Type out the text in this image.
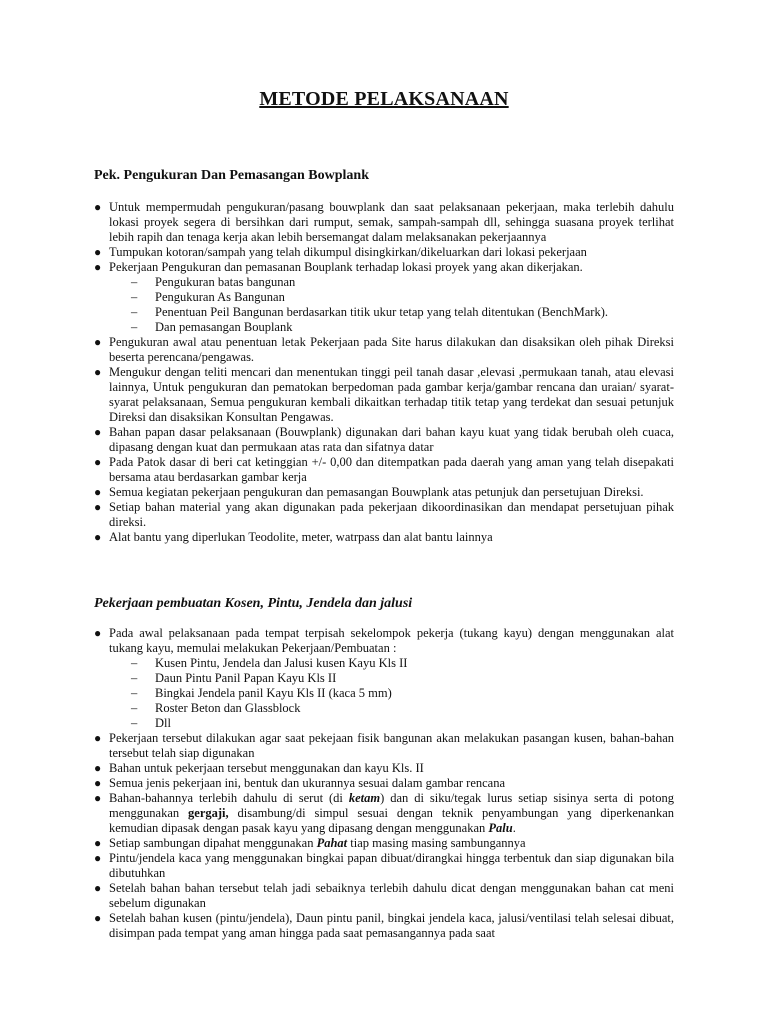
METODE PELAKSANAAN
Pek. Pengukuran Dan Pemasangan Bowplank
● Untuk mempermudah pengukuran/pasang bouwplank dan saat pelaksanaan pekerjaan, maka terlebih dahulu lokasi proyek segera di bersihkan dari rumput, semak, sampah-sampah dll, sehingga suasana proyek terlihat lebih rapih dan tenaga kerja akan lebih bersemangat dalam melaksanakan pekerjaannya
● Tumpukan kotoran/sampah yang telah dikumpul disingkirkan/dikeluarkan dari lokasi pekerjaan
● Pekerjaan Pengukuran dan pemasanan Bouplank terhadap lokasi proyek yang akan dikerjakan.
– Pengukuran batas bangunan
– Pengukuran As Bangunan
– Penentuan Peil Bangunan berdasarkan titik ukur tetap yang telah ditentukan (BenchMark).
– Dan pemasangan Bouplank
● Pengukuran awal atau penentuan letak Pekerjaan pada Site harus dilakukan dan disaksikan oleh pihak Direksi beserta perencana/pengawas.
● Mengukur dengan teliti mencari dan menentukan tinggi peil tanah dasar ,elevasi ,permukaan tanah, atau elevasi lainnya, Untuk pengukuran dan pematokan berpedoman pada gambar kerja/gambar rencana dan uraian/ syarat-syarat pelaksanaan, Semua pengukuran kembali dikaitkan terhadap titik tetap yang terdekat dan sesuai petunjuk Direksi dan disaksikan Konsultan Pengawas.
● Bahan papan dasar pelaksanaan (Bouwplank) digunakan dari bahan kayu kuat yang tidak berubah oleh cuaca, dipasang dengan kuat dan permukaan atas rata dan sifatnya datar
● Pada Patok dasar di beri cat ketinggian +/- 0,00 dan ditempatkan pada daerah yang aman yang telah disepakati bersama atau berdasarkan gambar kerja
● Semua kegiatan pekerjaan pengukuran dan pemasangan Bouwplank atas petunjuk dan persetujuan Direksi.
● Setiap bahan material yang akan digunakan pada pekerjaan dikoordinasikan dan mendapat persetujuan pihak direksi.
● Alat bantu yang diperlukan Teodolite, meter, watrpass dan alat bantu lainnya
Pekerjaan pembuatan Kosen, Pintu, Jendela dan jalusi
● Pada awal pelaksanaan pada tempat terpisah sekelompok pekerja (tukang kayu) dengan menggunakan alat tukang kayu, memulai melakukan Pekerjaan/Pembuatan :
– Kusen Pintu, Jendela dan Jalusi kusen Kayu Kls II
– Daun Pintu Panil Papan Kayu Kls II
– Bingkai Jendela panil Kayu Kls II (kaca 5 mm)
– Roster Beton dan Glassblock
– Dll
● Pekerjaan tersebut dilakukan agar saat pekejaan fisik bangunan akan melakukan pasangan kusen, bahan-bahan tersebut telah siap digunakan
● Bahan untuk pekerjaan tersebut menggunakan dan kayu Kls. II
● Semua jenis pekerjaan ini, bentuk dan ukurannya sesuai dalam gambar rencana
● Bahan-bahannya terlebih dahulu di serut (di ketam) dan di siku/tegak lurus setiap sisinya serta di potong menggunakan gergaji, disambung/di simpul sesuai dengan teknik penyambungan yang diperkenankan kemudian dipasak dengan pasak kayu yang dipasang dengan menggunakan Palu.
● Setiap sambungan dipahat menggunakan Pahat tiap masing masing sambungannya
● Pintu/jendela kaca yang menggunakan bingkai papan dibuat/dirangkai hingga terbentuk dan siap digunakan bila dibutuhkan
● Setelah bahan bahan tersebut telah jadi sebaiknya terlebih dahulu dicat dengan menggunakan bahan cat meni sebelum digunakan
● Setelah bahan kusen (pintu/jendela), Daun pintu panil, bingkai jendela kaca, jalusi/ventilasi telah selesai dibuat, disimpan pada tempat yang aman hingga pada saat pemasangannya pada saat
